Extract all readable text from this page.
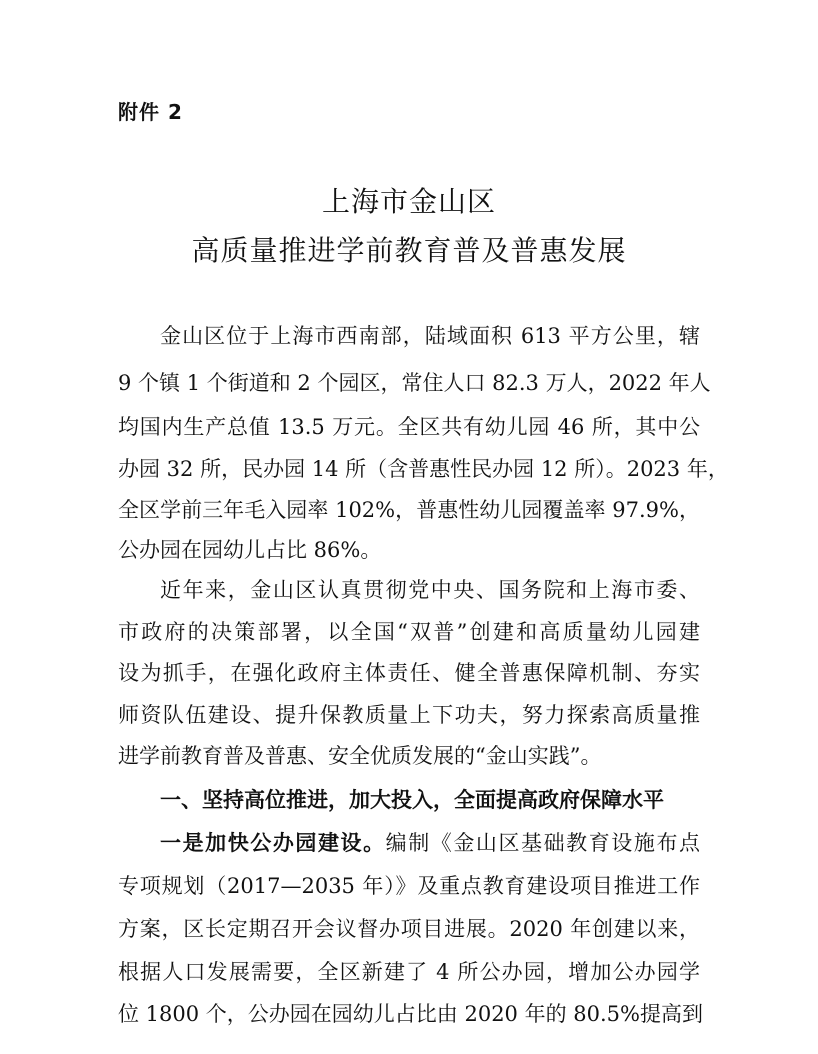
附件 2
上海市金山区
高质量推进学前教育普及普惠发展
金山区位于上海市西南部，陆域面积 613 平方公里，辖
9 个镇 1 个街道和 2 个园区，常住人口 82.3 万人，2022 年人
均国内生产总值 13.5 万元。全区共有幼儿园 46 所，其中公
办园 32 所，民办园 14 所（含普惠性民办园 12 所）。2023 年，
全区学前三年毛入园率 102%，普惠性幼儿园覆盖率 97.9%，
公办园在园幼儿占比 86%。
近年来，金山区认真贯彻党中央、国务院和上海市委、
市政府的决策部署，以全国“双普”创建和高质量幼儿园建
设为抓手，在强化政府主体责任、健全普惠保障机制、夯实
师资队伍建设、提升保教质量上下功夫，努力探索高质量推
进学前教育普及普惠、安全优质发展的“金山实践”。
一、坚持高位推进，加大投入，全面提高政府保障水平
一是加快公办园建设。编制《金山区基础教育设施布点
专项规划（2017—2035 年）》及重点教育建设项目推进工作
方案，区长定期召开会议督办项目进展。2020 年创建以来，
根据人口发展需要，全区新建了 4 所公办园，增加公办园学
位 1800 个，公办园在园幼儿占比由 2020 年的 80.5%提高到
